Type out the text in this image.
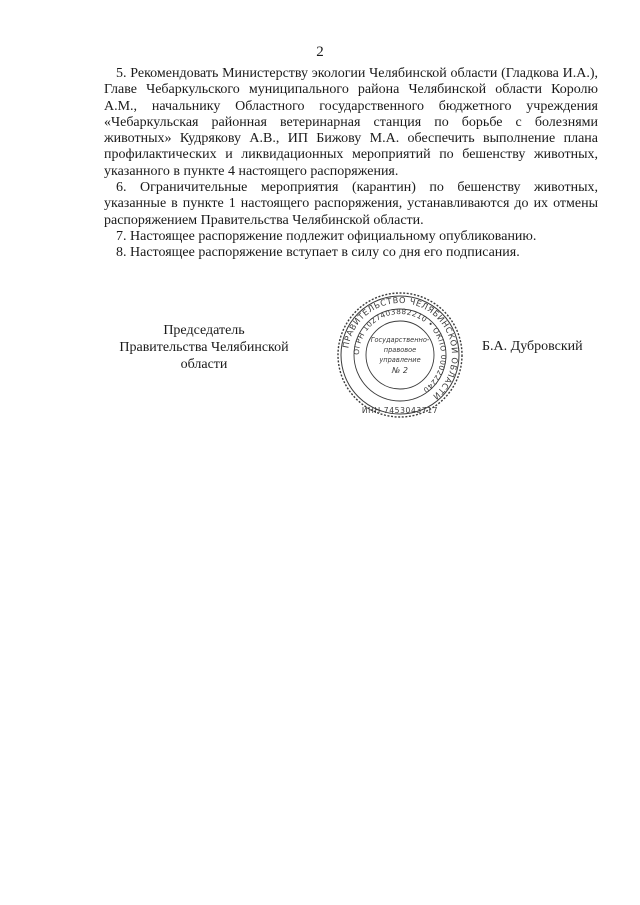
2

5. Рекомендовать Министерству экологии Челябинской области (Гладкова И.А.), Главе Чебаркульского муниципального района Челябинской области Королю А.М., начальнику Областного государственного бюджетного учреждения «Чебаркульская районная ветеринарная станция по борьбе с болезнями животных» Кудрякову А.В., ИП Бижову М.А. обеспечить выполнение плана профилактических и ликвидационных мероприятий по бешенству животных, указанного в пункте 4 настоящего распоряжения.

6. Ограничительные мероприятия (карантин) по бешенству животных, указанные в пункте 1 настоящего распоряжения, устанавливаются до их отмены распоряжением Правительства Челябинской области.

7. Настоящее распоряжение подлежит официальному опубликованию.

8. Настоящее распоряжение вступает в силу со дня его подписания.

Председатель
Правительства Челябинской области
ПРАВИТЕЛЬСТВО ЧЕЛЯБИНСКОЙ ОБЛАСТИ
ОГРН 1027403882210 • ОКПО 00022240
ИНН 7453043717
Государственно-
правовое
управление
№ 2
Б.А. Дубровский
